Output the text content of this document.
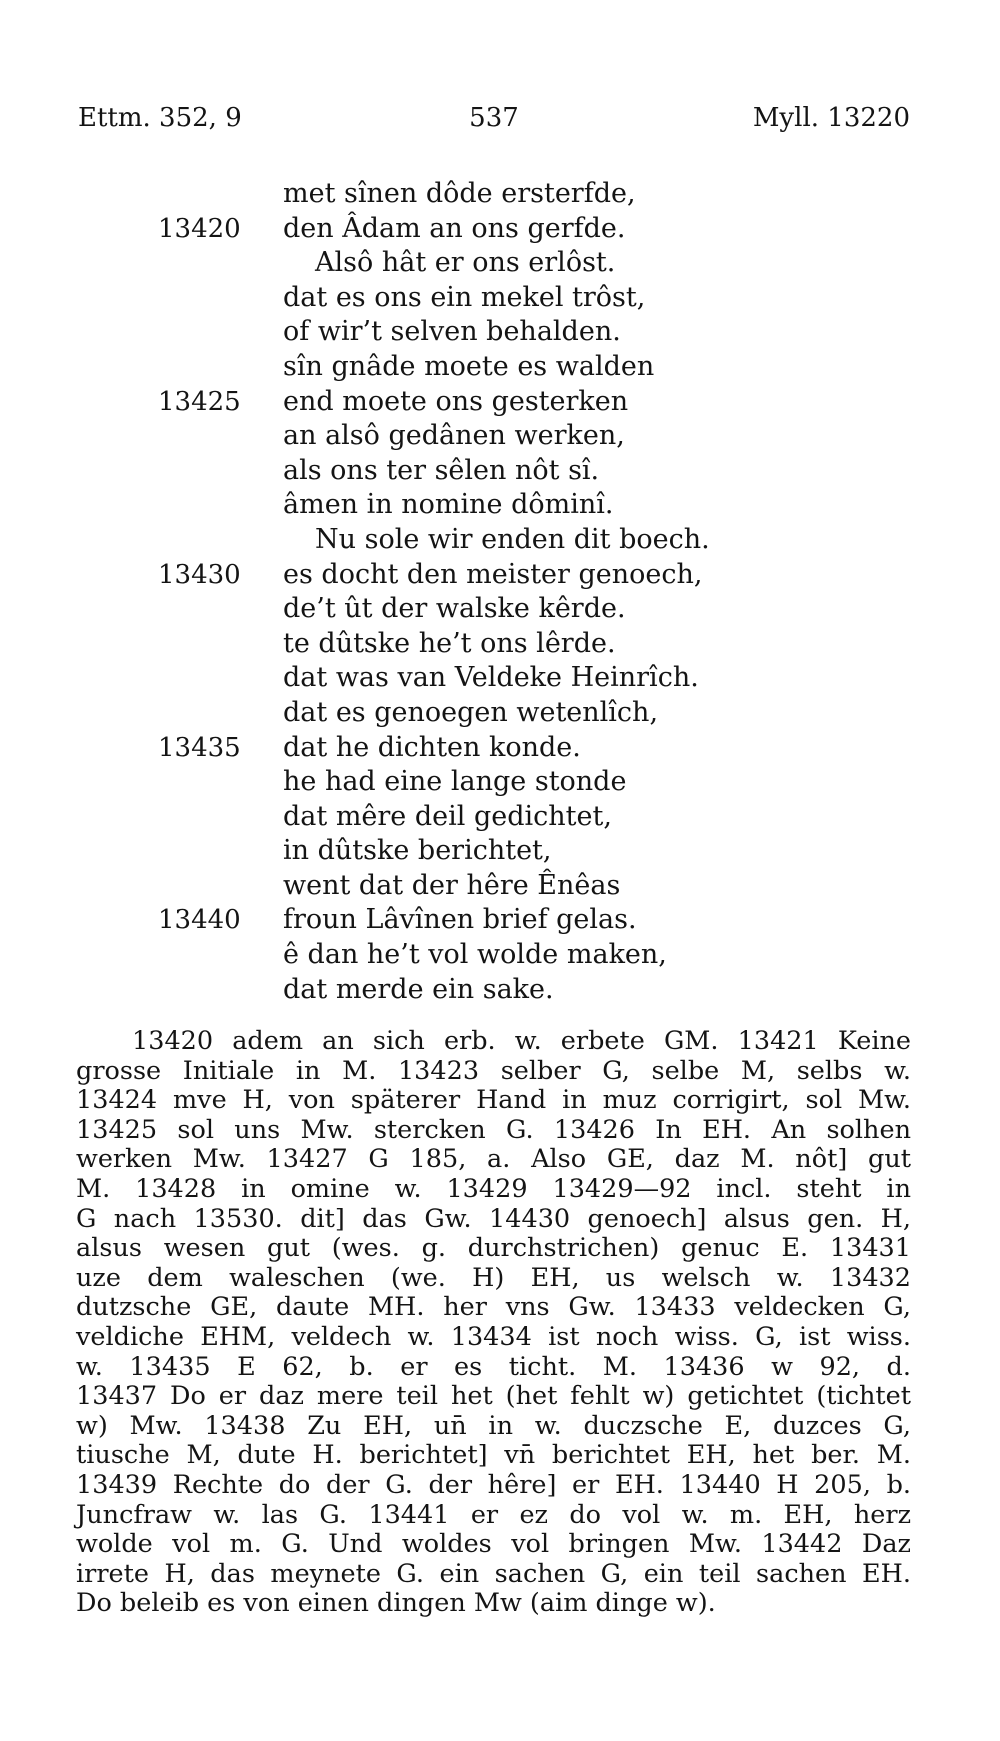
Ettm. 352, 9	537	Myll. 13220
met sînen dôde ersterfde,
13420	den Âdam an ons gerfde.
Alsô hât er ons erlôst.
dat es ons ein mekel trôst,
of wir’t selven behalden.
sîn gnâde moete es walden
13425	end moete ons gesterken
an alsô gedânen werken,
als ons ter sêlen nôt sî.
âmen in nomine dôminî.
Nu sole wir enden dit boech.
13430	es docht den meister genoech,
de’t ût der walske kêrde.
te dûtske he’t ons lêrde.
dat was van Veldeke Heinrîch.
dat es genoegen wetenlîch,
13435	dat he dichten konde.
he had eine lange stonde
dat mêre deil gedichtet,
in dûtske berichtet,
went dat der hêre Ênêas
13440	froun Lâvînen brief gelas.
ê dan he’t vol wolde maken,
dat merde ein sake.
13420 adem an sich erb. w. erbete GM. 13421 Keine
grosse Initiale in M. 13423 selber G, selbe M, selbs w.
13424 mve H, von späterer Hand in muz corrigirt, sol Mw.
13425 sol uns Mw. stercken G. 13426 In EH. An solhen
werken Mw. 13427 G 185, a. Also GE, daz M. nôt] gut
M. 13428 in omine w. 13429 13429—92 incl. steht in
G nach 13530. dit] das Gw. 14430 genoech] alsus gen. H,
alsus wesen gut (wes. g. durchstrichen) genuc E. 13431
uze dem waleschen (we. H) EH, us welsch w. 13432
dutzsche GE, daute MH. her vns Gw. 13433 veldecken G,
veldiche EHM, veldech w. 13434 ist noch wiss. G, ist wiss.
w. 13435 E 62, b. er es ticht. M. 13436 w 92, d.
13437 Do er daz mere teil het (het fehlt w) getichtet (tichtet
w) Mw. 13438 Zu EH, un̄ in w. duczsche E, duzces G,
tiusche M, dute H. berichtet] vn̄ berichtet EH, het ber. M.
13439 Rechte do der G. der hêre] er EH. 13440 H 205, b.
Juncfraw w. las G. 13441 er ez do vol w. m. EH, herz
wolde vol m. G. Und woldes vol bringen Mw. 13442 Daz
irrete H, das meynete G. ein sachen G, ein teil sachen EH.
Do beleib es von einen dingen Mw (aim dinge w).
